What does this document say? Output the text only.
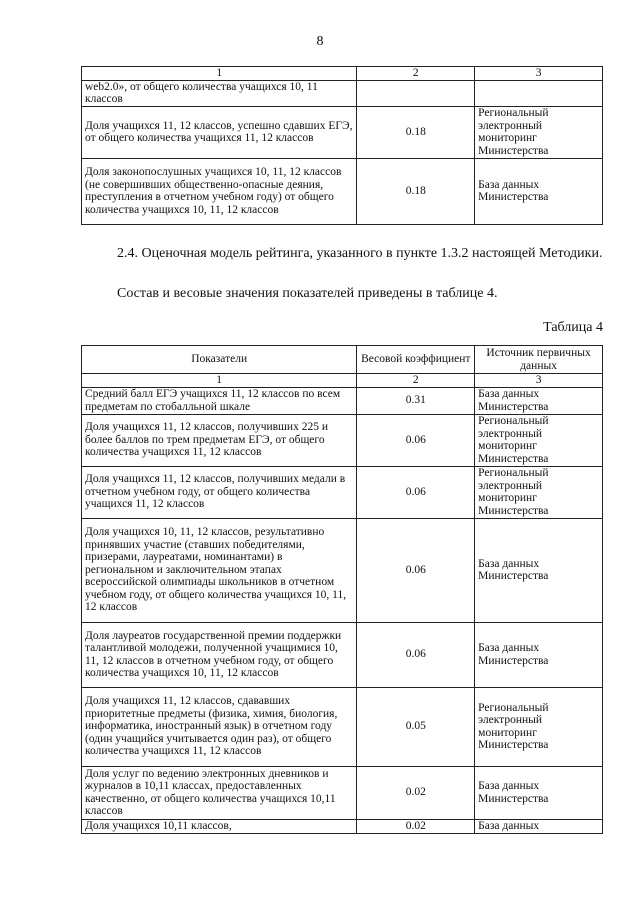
8
1	2	3
web2.0», от общего количества учащихся 10, 11 классов		
Доля учащихся 11, 12 классов, успешно сдавших ЕГЭ, от общего количества учащихся 11, 12 классов	0.18	Региональный электронный мониторинг Министерства
Доля законопослушных учащихся 10, 11, 12 классов (не совершивших общественно-опасные деяния, преступления в отчетном учебном году) от общего количества учащихся 10, 11, 12 классов	0.18	База данных Министерства
2.4. Оценочная модель рейтинга, указанного в пункте 1.3.2 настоящей Методики.
Состав и весовые значения показателей приведены в таблице 4.
Таблица 4
Показатели	Весовой коэффициент	Источник первичных данных
1	2	3
Средний балл ЕГЭ учащихся 11, 12 классов по всем предметам по стобалльной шкале	0.31	База данных Министерства
Доля учащихся 11, 12 классов, получивших 225 и более баллов по трем предметам ЕГЭ, от общего количества учащихся 11, 12 классов	0.06	Региональный электронный мониторинг Министерства
Доля учащихся 11, 12 классов, получивших медали в отчетном учебном году, от общего количества учащихся 11, 12 классов	0.06	Региональный электронный мониторинг Министерства
Доля учащихся 10, 11, 12 классов, результативно принявших участие (ставших победителями, призерами, лауреатами, номинантами) в региональном и заключительном этапах всероссийской олимпиады школьников в отчетном учебном году, от общего количества учащихся 10, 11, 12 классов	0.06	База данных Министерства
Доля лауреатов государственной премии поддержки талантливой молодежи, полученной учащимися 10, 11, 12 классов в отчетном учебном году, от общего количества учащихся 10, 11, 12 классов	0.06	База данных Министерства
Доля учащихся 11, 12 классов, сдававших приоритетные предметы (физика, химия, биология, информатика, иностранный язык) в отчетном году (один учащийся учитывается один раз), от общего количества учащихся 11, 12 классов	0.05	Региональный электронный мониторинг Министерства
Доля услуг по ведению электронных дневников и журналов в 10,11 классах, предоставленных качественно, от общего количества учащихся 10,11 классов	0.02	База данных Министерства
Доля учащихся 10,11 классов,	0.02	База данных
